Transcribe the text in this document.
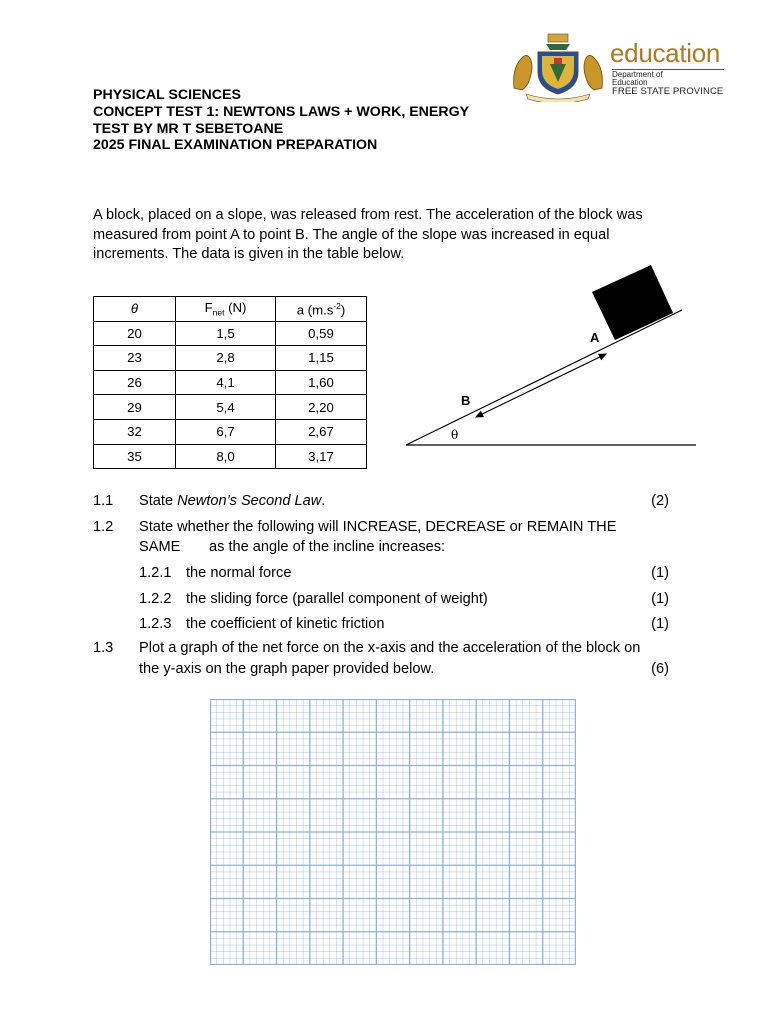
PHYSICAL SCIENCES
CONCEPT TEST 1: NEWTONS LAWS + WORK, ENERGY
TEST BY MR T SEBETOANE
2025 FINAL EXAMINATION PREPARATION
education
Department of
Education
FREE STATE PROVINCE
A block, placed on a slope, was released from rest. The acceleration of the block was measured from point A to point B. The angle of the slope was increased in equal increments. The data is given in the table below.
θ	$F_{net}$ (N)	a $(m.s^{-2})$
20	1,5	0,59
23	2,8	1,15
26	4,1	1,60
29	5,4	2,20
32	6,7	2,67
35	8,0	3,17
A
B
θ
1.1 State Newton’s Second Law.	(2)
1.2 State whether the following will INCREASE, DECREASE or REMAIN THE
SAME as the angle of the incline increases:
1.2.1 the normal force	(1)
1.2.2 the sliding force (parallel component of weight)	(1)
1.2.3 the coefficient of kinetic friction	(1)
1.3 Plot a graph of the net force on the x-axis and the acceleration of the block on
the y-axis on the graph paper provided below.	(6)
